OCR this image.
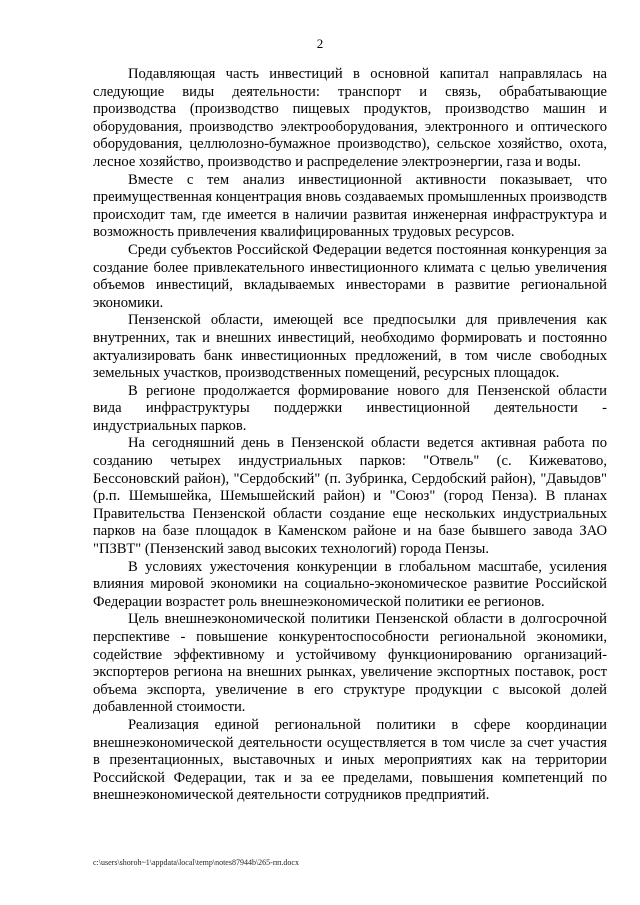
2

Подавляющая часть инвестиций в основной капитал направлялась на следующие виды деятельности: транспорт и связь, обрабатывающие производства (производство пищевых продуктов, производство машин и оборудования, производство электрооборудования, электронного и оптического оборудования, целлюлозно-бумажное производство), сельское хозяйство, охота, лесное хозяйство, производство и распределение электроэнергии, газа и воды.

Вместе с тем анализ инвестиционной активности показывает, что преимущественная концентрация вновь создаваемых промышленных производств происходит там, где имеется в наличии развитая инженерная инфраструктура и возможность привлечения квалифицированных трудовых ресурсов.

Среди субъектов Российской Федерации ведется постоянная конкуренция за создание более привлекательного инвестиционного климата с целью увеличения объемов инвестиций, вкладываемых инвесторами в развитие региональной экономики.

Пензенской области, имеющей все предпосылки для привлечения как внутренних, так и внешних инвестиций, необходимо формировать и постоянно актуализировать банк инвестиционных предложений, в том числе свободных земельных участков, производственных помещений, ресурсных площадок.

В регионе продолжается формирование нового для Пензенской области вида инфраструктуры поддержки инвестиционной деятельности - индустриальных парков.

На сегодняшний день в Пензенской области ведется активная работа по созданию четырех индустриальных парков: "Отвель" (с. Кижеватово, Бессоновский район), "Сердобский" (п. Зубринка, Сердобский район), "Давыдов" (р.п. Шемышейка, Шемышейский район) и "Союз" (город Пенза). В планах Правительства Пензенской области создание еще нескольких индустриальных парков на базе площадок в Каменском районе и на базе бывшего завода ЗАО "ПЗВТ" (Пензенский завод высоких технологий) города Пензы.

В условиях ужесточения конкуренции в глобальном масштабе, усиления влияния мировой экономики на социально-экономическое развитие Российской Федерации возрастет роль внешнеэкономической политики ее регионов.

Цель внешнеэкономической политики Пензенской области в долгосрочной перспективе - повышение конкурентоспособности региональной экономики, содействие эффективному и устойчивому функционированию организаций-экспортеров региона на внешних рынках, увеличение экспортных поставок, рост объема экспорта, увеличение в его структуре продукции с высокой долей добавленной стоимости.

Реализация единой региональной политики в сфере координации внешнеэкономической деятельности осуществляется в том числе за счет участия в презентационных, выставочных и иных мероприятиях как на территории Российской Федерации, так и за ее пределами, повышения компетенций по внешнеэкономической деятельности сотрудников предприятий.

c:\users\shoroh~1\appdata\local\temp\notes87944b\265-пп.docx
